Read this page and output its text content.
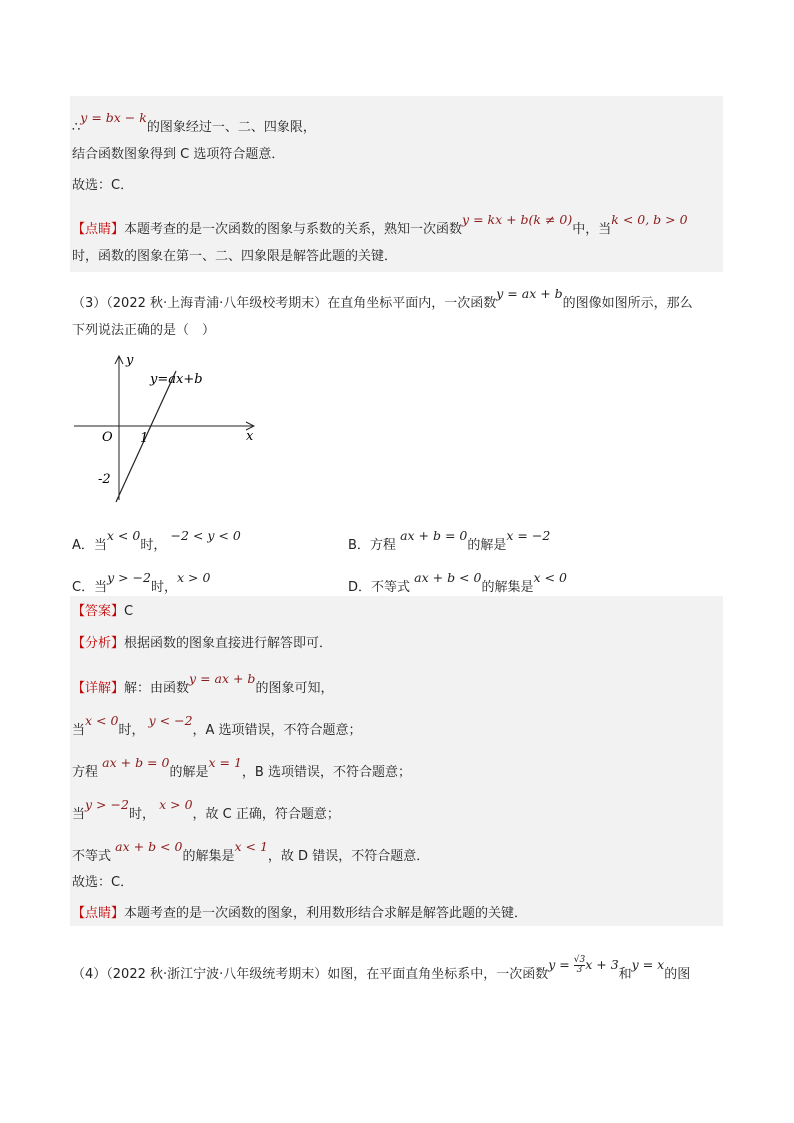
∴y = bx − k的图象经过一、二、四象限，
结合函数图象得到 C 选项符合题意．
故选：C．
【点睛】本题考查的是一次函数的图象与系数的关系，熟知一次函数y = kx + b(k ≠ 0)中，当k < 0, b > 0
时，函数的图象在第一、二、四象限是解答此题的关键．
（3）（2022 秋·上海青浦·八年级校考期末）在直角坐标平面内，一次函数y = ax + b的图像如图所示，那么
下列说法正确的是（　）
y
x
O 1
-2
y=ax+b
A．当x < 0时， −2 < y < 0
B．方程 ax + b = 0的解是x = −2
C．当y > −2时，x > 0
D．不等式 ax + b < 0的解集是x < 0
【答案】C
【分析】根据函数的图象直接进行解答即可．
【详解】解：由函数y = ax + b的图象可知，
当x < 0时， y < −2，A 选项错误，不符合题意；
方程 ax + b = 0的解是x = 1，B 选项错误，不符合题意；
当y > −2时， x > 0，故 C 正确，符合题意；
不等式 ax + b < 0的解集是x < 1，故 D 错误，不符合题意．
故选：C．
【点睛】本题考查的是一次函数的图象，利用数形结合求解是解答此题的关键．
（4）（2022 秋·浙江宁波·八年级统考期末）如图，在平面直角坐标系中，一次函数$y = \frac{√3}{3}$ x + 3和y = x的图
